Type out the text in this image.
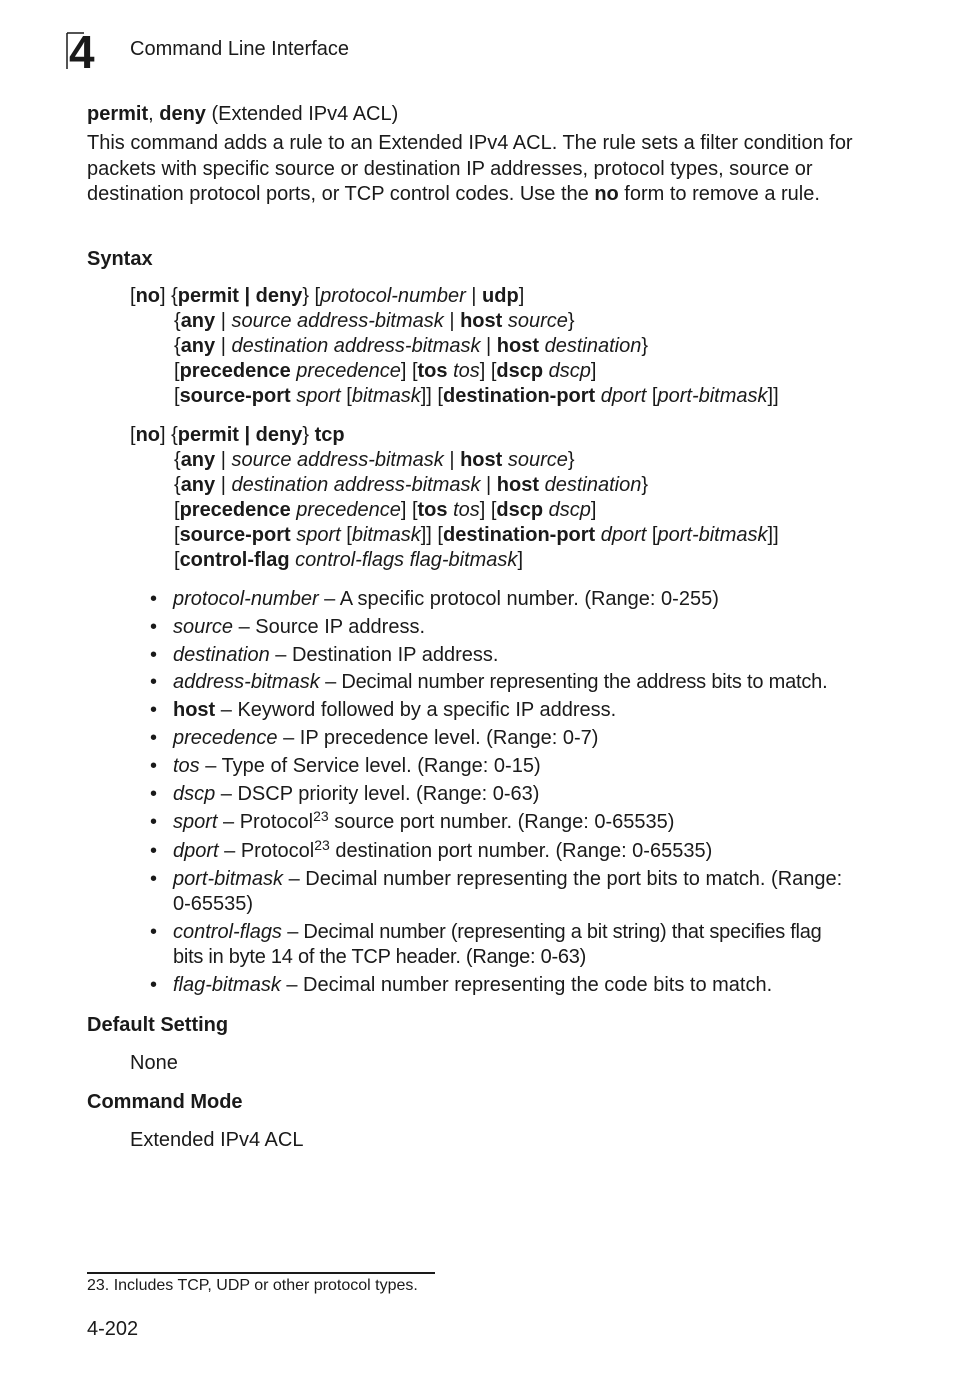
4 Command Line Interface
permit, deny (Extended IPv4 ACL)
This command adds a rule to an Extended IPv4 ACL. The rule sets a filter condition for packets with specific source or destination IP addresses, protocol types, source or destination protocol ports, or TCP control codes. Use the no form to remove a rule.
Syntax
[no] {permit | deny} [protocol-number | udp]
{any | source address-bitmask | host source}
{any | destination address-bitmask | host destination}
[precedence precedence] [tos tos] [dscp dscp]
[source-port sport [bitmask]] [destination-port dport [port-bitmask]]
[no] {permit | deny} tcp
{any | source address-bitmask | host source}
{any | destination address-bitmask | host destination}
[precedence precedence] [tos tos] [dscp dscp]
[source-port sport [bitmask]] [destination-port dport [port-bitmask]]
[control-flag control-flags flag-bitmask]
• protocol-number – A specific protocol number. (Range: 0-255)
• source – Source IP address.
• destination – Destination IP address.
• address-bitmask – Decimal number representing the address bits to match.
• host – Keyword followed by a specific IP address.
• precedence – IP precedence level. (Range: 0-7)
• tos – Type of Service level. (Range: 0-15)
• dscp – DSCP priority level. (Range: 0-63)
• sport – Protocol$^{23}$ source port number. (Range: 0-65535)
• dport – Protocol$^{23}$ destination port number. (Range: 0-65535)
• port-bitmask – Decimal number representing the port bits to match. (Range: 0-65535)
• control-flags – Decimal number (representing a bit string) that specifies flag bits in byte 14 of the TCP header. (Range: 0-63)
• flag-bitmask – Decimal number representing the code bits to match.
Default Setting
None
Command Mode
Extended IPv4 ACL
23. Includes TCP, UDP or other protocol types.
4-202
